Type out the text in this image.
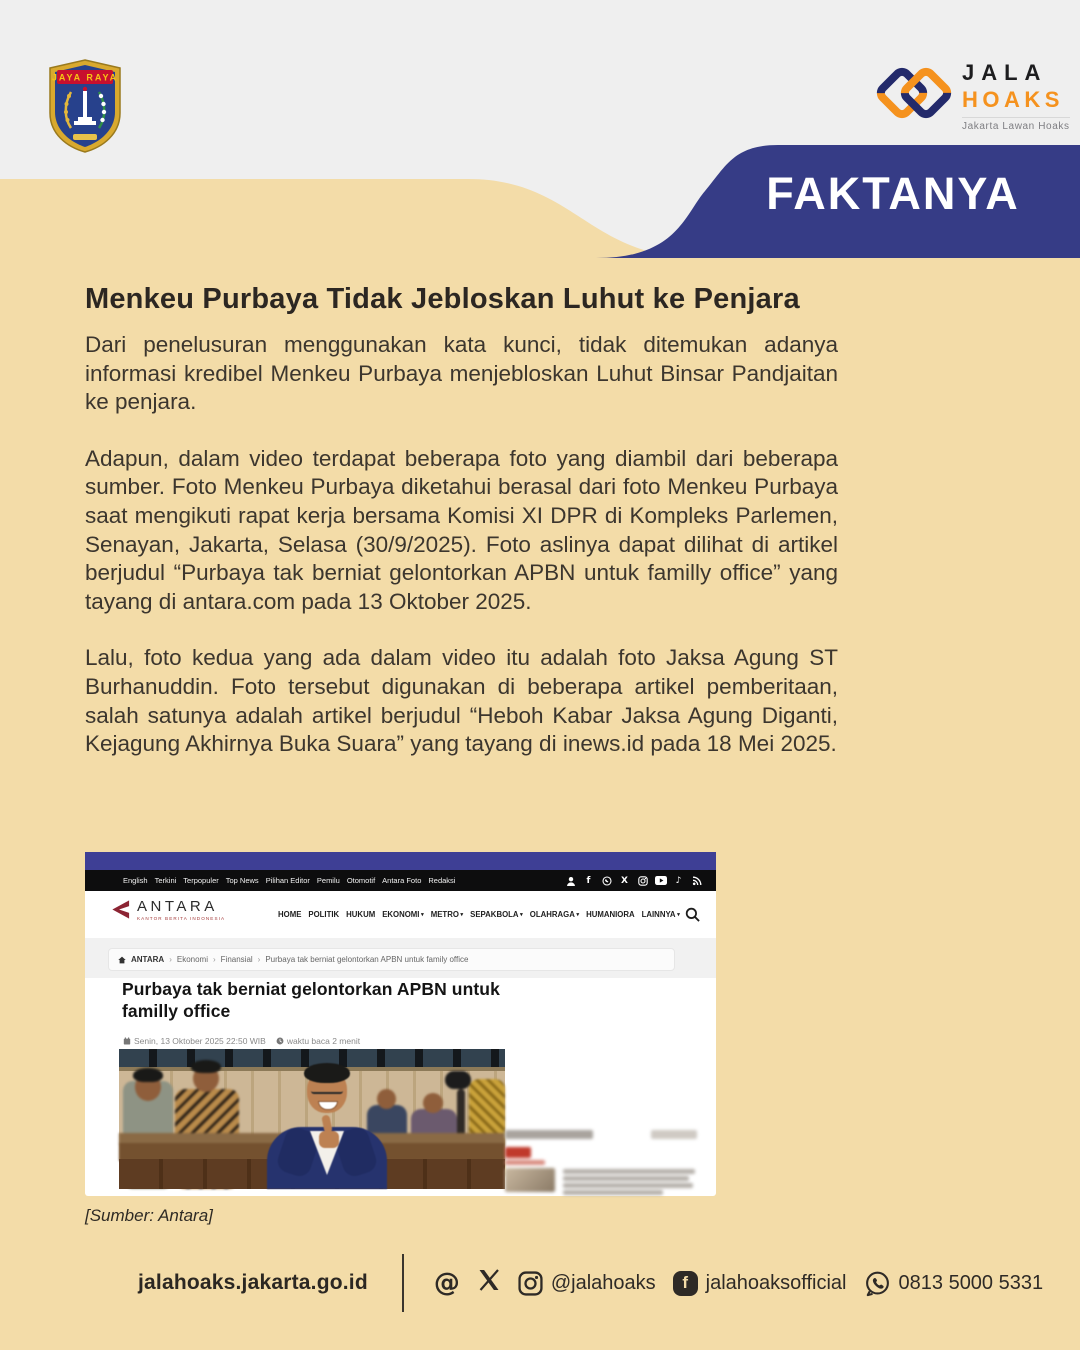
FAKTANYA
JAYA RAYA	JALA
HOAKS
Jakarta Lawan Hoaks
Menkeu Purbaya Tidak Jebloskan Luhut ke Penjara

Dari penelusuran menggunakan kata kunci, tidak ditemukan adanya informasi kredibel Menkeu Purbaya menjebloskan Luhut Binsar Pandjaitan ke penjara.

Adapun, dalam video terdapat beberapa foto yang diambil dari beberapa sumber. Foto Menkeu Purbaya diketahui berasal dari foto Menkeu Purbaya saat mengikuti rapat kerja bersama Komisi XI DPR di Kompleks Parlemen, Senayan, Jakarta, Selasa (30/9/2025). Foto aslinya dapat dilihat di artikel berjudul “Purbaya tak berniat gelontorkan APBN untuk familly office” yang tayang di antara.com pada 13 Oktober 2025.

Lalu, foto kedua yang ada dalam video itu adalah foto Jaksa Agung ST Burhanuddin. Foto tersebut digunakan di beberapa artikel pemberitaan, salah satunya adalah artikel berjudul “Heboh Kabar Jaksa Agung Diganti, Kejagung Akhirnya Buka Suara” yang tayang di inews.id pada 18 Mei 2025.

English Terkini Terpopuler Top News Pilihan Editor Pemilu Otomotif Antara Foto Redaksi	f	X	♪
ANTARA
KANTOR BERITA INDONESIA	HOME POLITIK HUKUM EKONOMI ▾ METRO ▾ SEPAKBOLA ▾ OLAHRAGA ▾ HUMANIORA LAINNYA ▾
ANTARA › Ekonomi › Finansial › Purbaya tak berniat gelontorkan APBN untuk family office
Purbaya tak berniat gelontorkan APBN untuk familly office
Senin, 13 Oktober 2025 22:50 WIB waktu baca 2 menit
[Sumber: Antara]
jalahoaks.jakarta.go.id	@	@jalahoaks	f jalahoaksofficial	0813 5000 5331
